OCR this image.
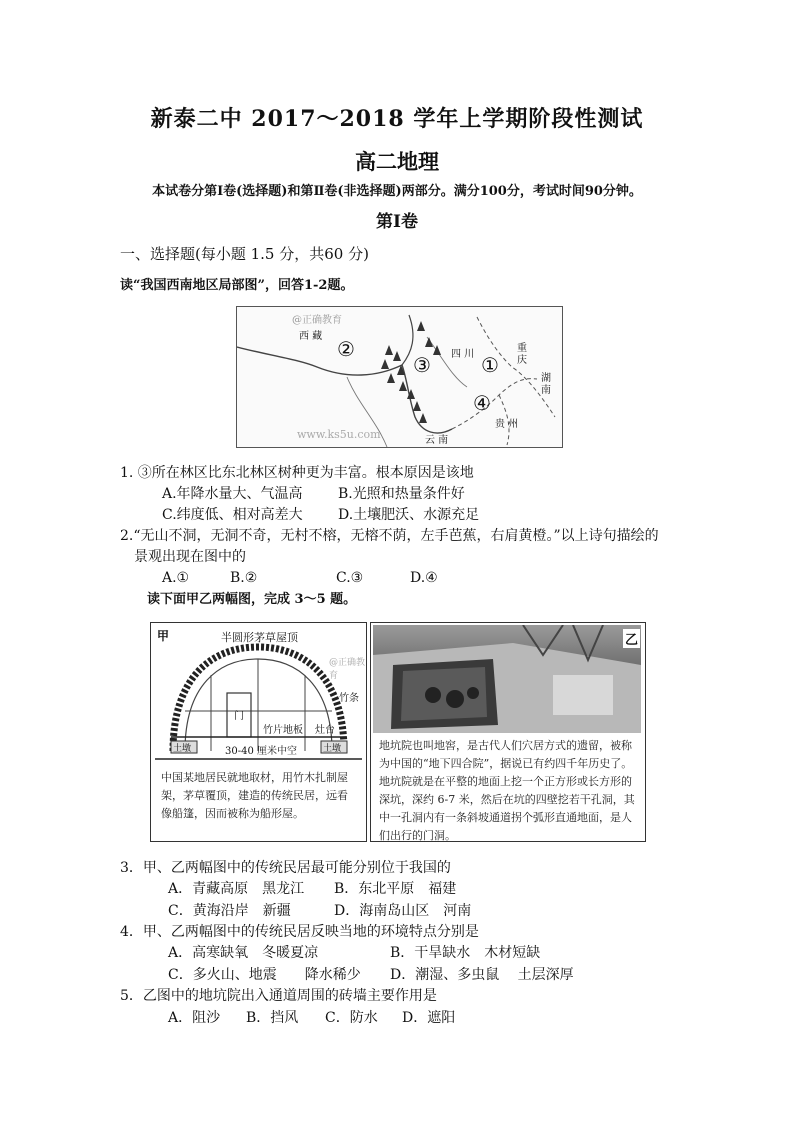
新泰二中 2017～2018 学年上学期阶段性测试
高二地理
本试卷分第Ⅰ卷(选择题)和第Ⅱ卷(非选择题)两部分。满分100分，考试时间90分钟。
第Ⅰ卷
一、选择题(每小题 1.5 分，共60 分)
读“我国西南地区局部图”，回答1-2题。
@正确教育
西 藏
②
③ 四 川 ①
重庆
湖南
④
贵 州
云 南
www.ks5u.com
1. ③所在林区比东北林区树种更为丰富。根本原因是该地
A.年降水量大、气温高	B.光照和热量条件好
C.纬度低、相对高差大	D.土壤肥沃、水源充足
2.“无山不洞，无洞不奇，无村不榕，无榕不荫，左手芭蕉，右肩黄橙。”以上诗句描绘的
景观出现在图中的
A.①	B.②	C.③	D.④
读下面甲乙两幅图，完成 3～5 题。
甲	半圆形茅草屋顶
门
竹条
竹片地板 灶台
土墩	土墩
30-40 厘米中空
@正确教育
中国某地居民就地取材，用竹木扎制屋架，茅草覆顶，建造的传统民居，远看像船篷，因而被称为船形屋。
乙
地坑院也叫地窖，是古代人们穴居方式的遗留，被称为中国的“地下四合院”，据说已有约四千年历史了。地坑院就是在平整的地面上挖一个正方形或长方形的深坑，深约 6-7 米，然后在坑的四壁挖若干孔洞，其中一孔洞内有一条斜坡通道拐个弧形直通地面，是人们出行的门洞。
3．甲、乙两幅图中的传统民居最可能分别位于我国的
A．青藏高原　黑龙江 B．东北平原　福建
C．黄海沿岸　新疆	D．海南岛山区　河南
4．甲、乙两幅图中的传统民居反映当地的环境特点分别是
A．高寒缺氧　冬暖夏凉	B．干旱缺水　木材短缺
C．多火山、地震　　降水稀少 D．潮湿、多虫鼠　 土层深厚
5．乙图中的地坑院出入通道周围的砖墙主要作用是
A．阻沙 B．挡风 C．防水 D．遮阳
